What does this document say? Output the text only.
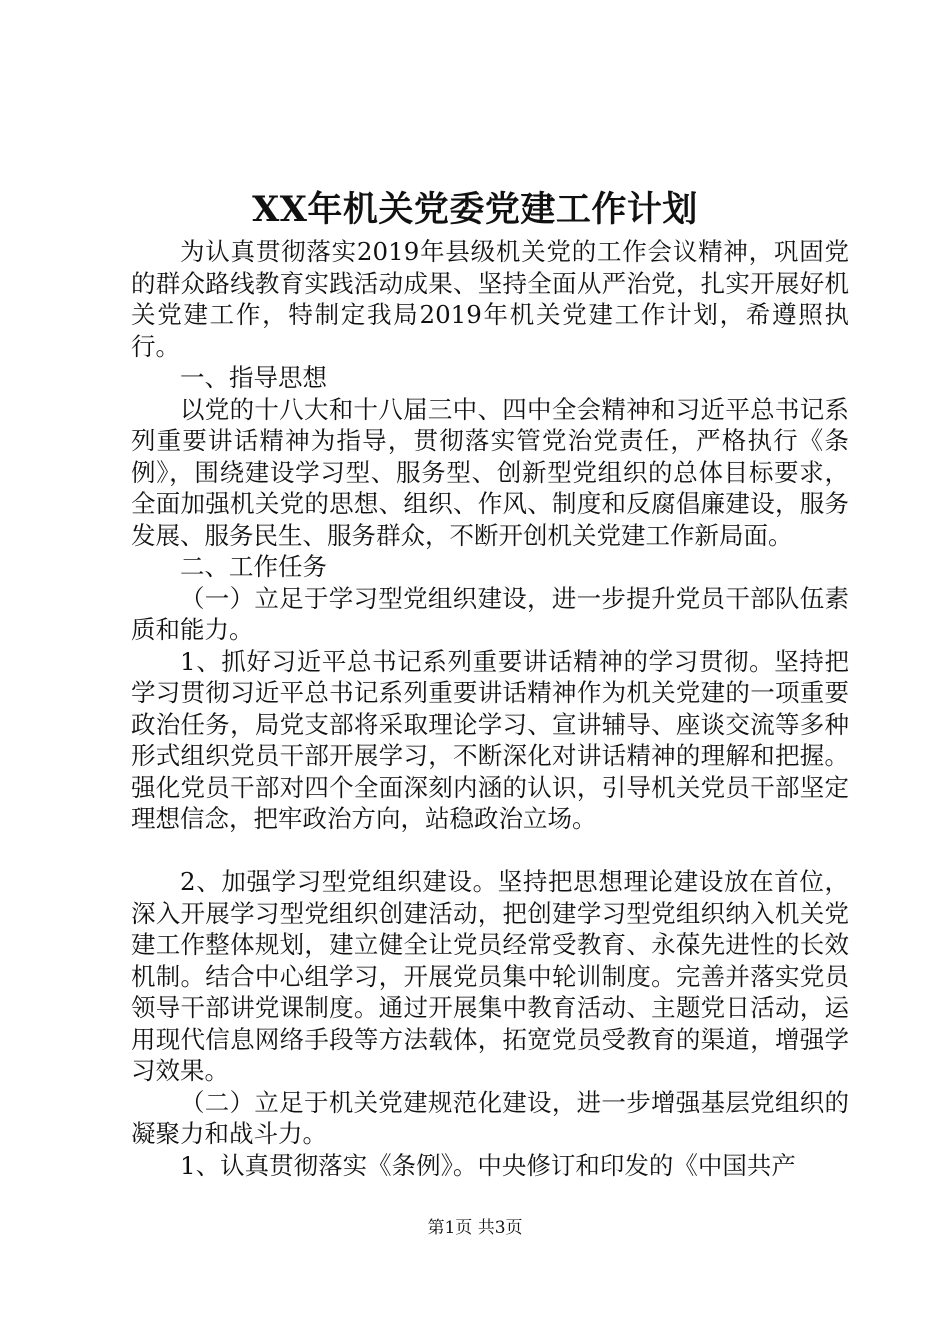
XX年机关党委党建工作计划

为认真贯彻落实2019年县级机关党的工作会议精神，巩固党的群众路线教育实践活动成果、坚持全面从严治党，扎实开展好机关党建工作，特制定我局2019年机关党建工作计划，希遵照执行。

一、指导思想

以党的十八大和十八届三中、四中全会精神和习近平总书记系列重要讲话精神为指导，贯彻落实管党治党责任，严格执行《条例》，围绕建设学习型、服务型、创新型党组织的总体目标要求，全面加强机关党的思想、组织、作风、制度和反腐倡廉建设，服务发展、服务民生、服务群众，不断开创机关党建工作新局面。

二、工作任务

（一）立足于学习型党组织建设，进一步提升党员干部队伍素质和能力。

1、抓好习近平总书记系列重要讲话精神的学习贯彻。坚持把学习贯彻习近平总书记系列重要讲话精神作为机关党建的一项重要政治任务，局党支部将采取理论学习、宣讲辅导、座谈交流等多种形式组织党员干部开展学习，不断深化对讲话精神的理解和把握。强化党员干部对四个全面深刻内涵的认识，引导机关党员干部坚定理想信念，把牢政治方向，站稳政治立场。

2、加强学习型党组织建设。坚持把思想理论建设放在首位，深入开展学习型党组织创建活动，把创建学习型党组织纳入机关党建工作整体规划，建立健全让党员经常受教育、永葆先进性的长效机制。结合中心组学习，开展党员集中轮训制度。完善并落实党员领导干部讲党课制度。通过开展集中教育活动、主题党日活动，运用现代信息网络手段等方法载体，拓宽党员受教育的渠道，增强学习效果。

（二）立足于机关党建规范化建设，进一步增强基层党组织的凝聚力和战斗力。

1、认真贯彻落实《条例》。中央修订和印发的《中国共产

第1页 共3页
